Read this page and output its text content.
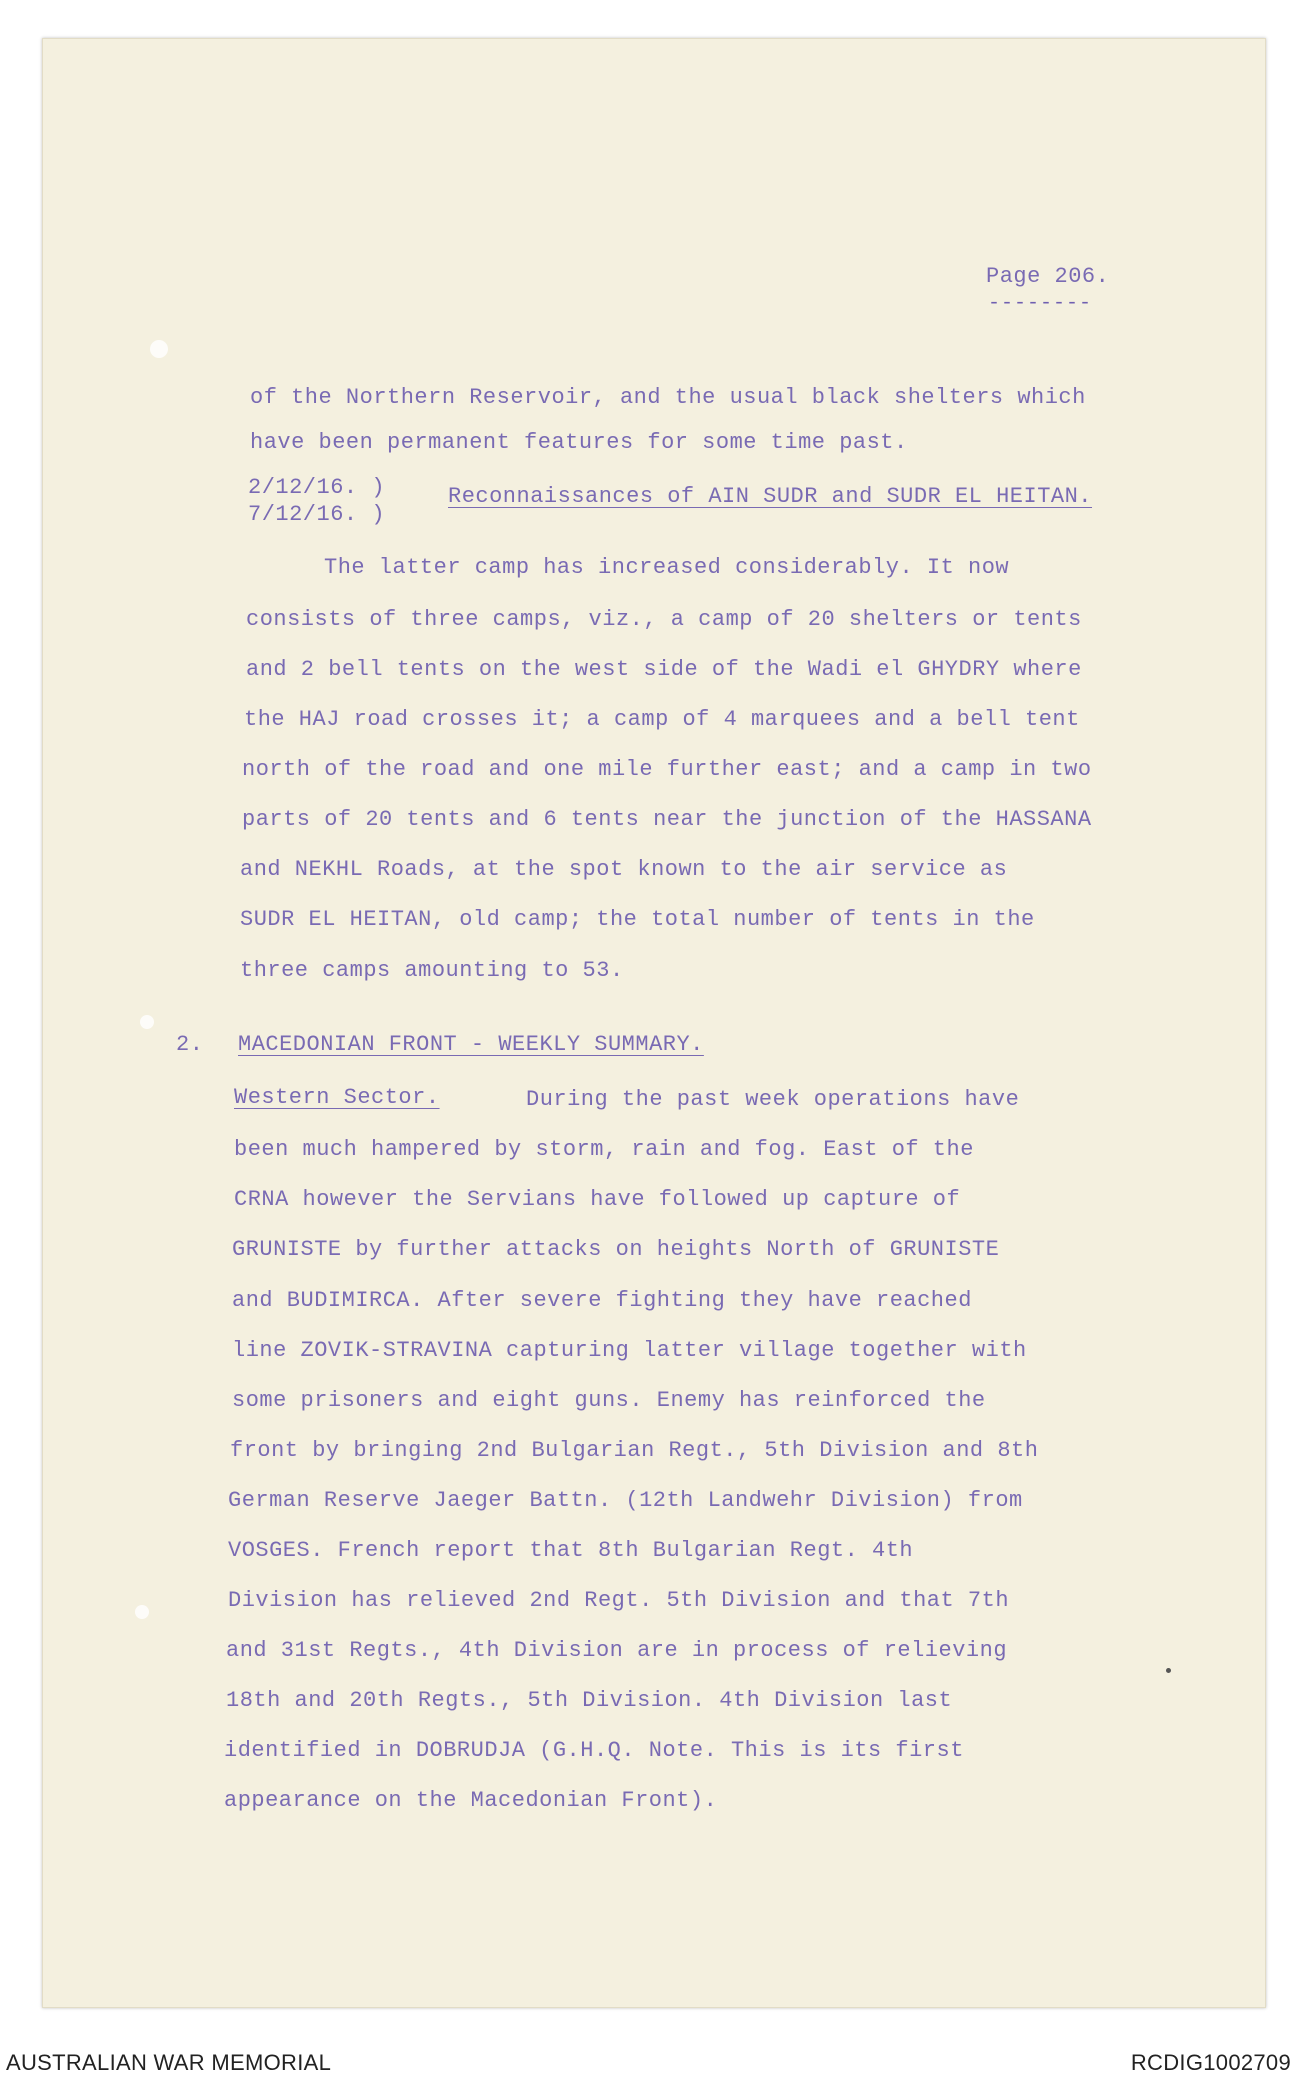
Page 206.
--------
of the Northern Reservoir, and the usual black shelters which
have been permanent features for some time past.
2/12/16. )
7/12/16. )
Reconnaissances of AIN SUDR and SUDR EL HEITAN.
The latter camp has increased considerably. It now
consists of three camps, viz., a camp of 20 shelters or tents
and 2 bell tents on the west side of the Wadi el GHYDRY where
the HAJ road crosses it; a camp of 4 marquees and a bell tent
north of the road and one mile further east; and a camp in two
parts of 20 tents and 6 tents near the junction of the HASSANA
and NEKHL Roads, at the spot known to the air service as
SUDR EL HEITAN, old camp; the total number of tents in the
three camps amounting to 53.
2. MACEDONIAN FRONT - WEEKLY SUMMARY.
Western Sector.	During the past week operations have
been much hampered by storm, rain and fog. East of the
CRNA however the Servians have followed up capture of
GRUNISTE by further attacks on heights North of GRUNISTE
and BUDIMIRCA. After severe fighting they have reached
line ZOVIK-STRAVINA capturing latter village together with
some prisoners and eight guns. Enemy has reinforced the
front by bringing 2nd Bulgarian Regt., 5th Division and 8th
German Reserve Jaeger Battn. (12th Landwehr Division) from
VOSGES. French report that 8th Bulgarian Regt. 4th
Division has relieved 2nd Regt. 5th Division and that 7th
and 31st Regts., 4th Division are in process of relieving
18th and 20th Regts., 5th Division. 4th Division last
identified in DOBRUDJA (G.H.Q. Note. This is its first
appearance on the Macedonian Front).
AUSTRALIAN WAR MEMORIAL	RCDIG1002709
